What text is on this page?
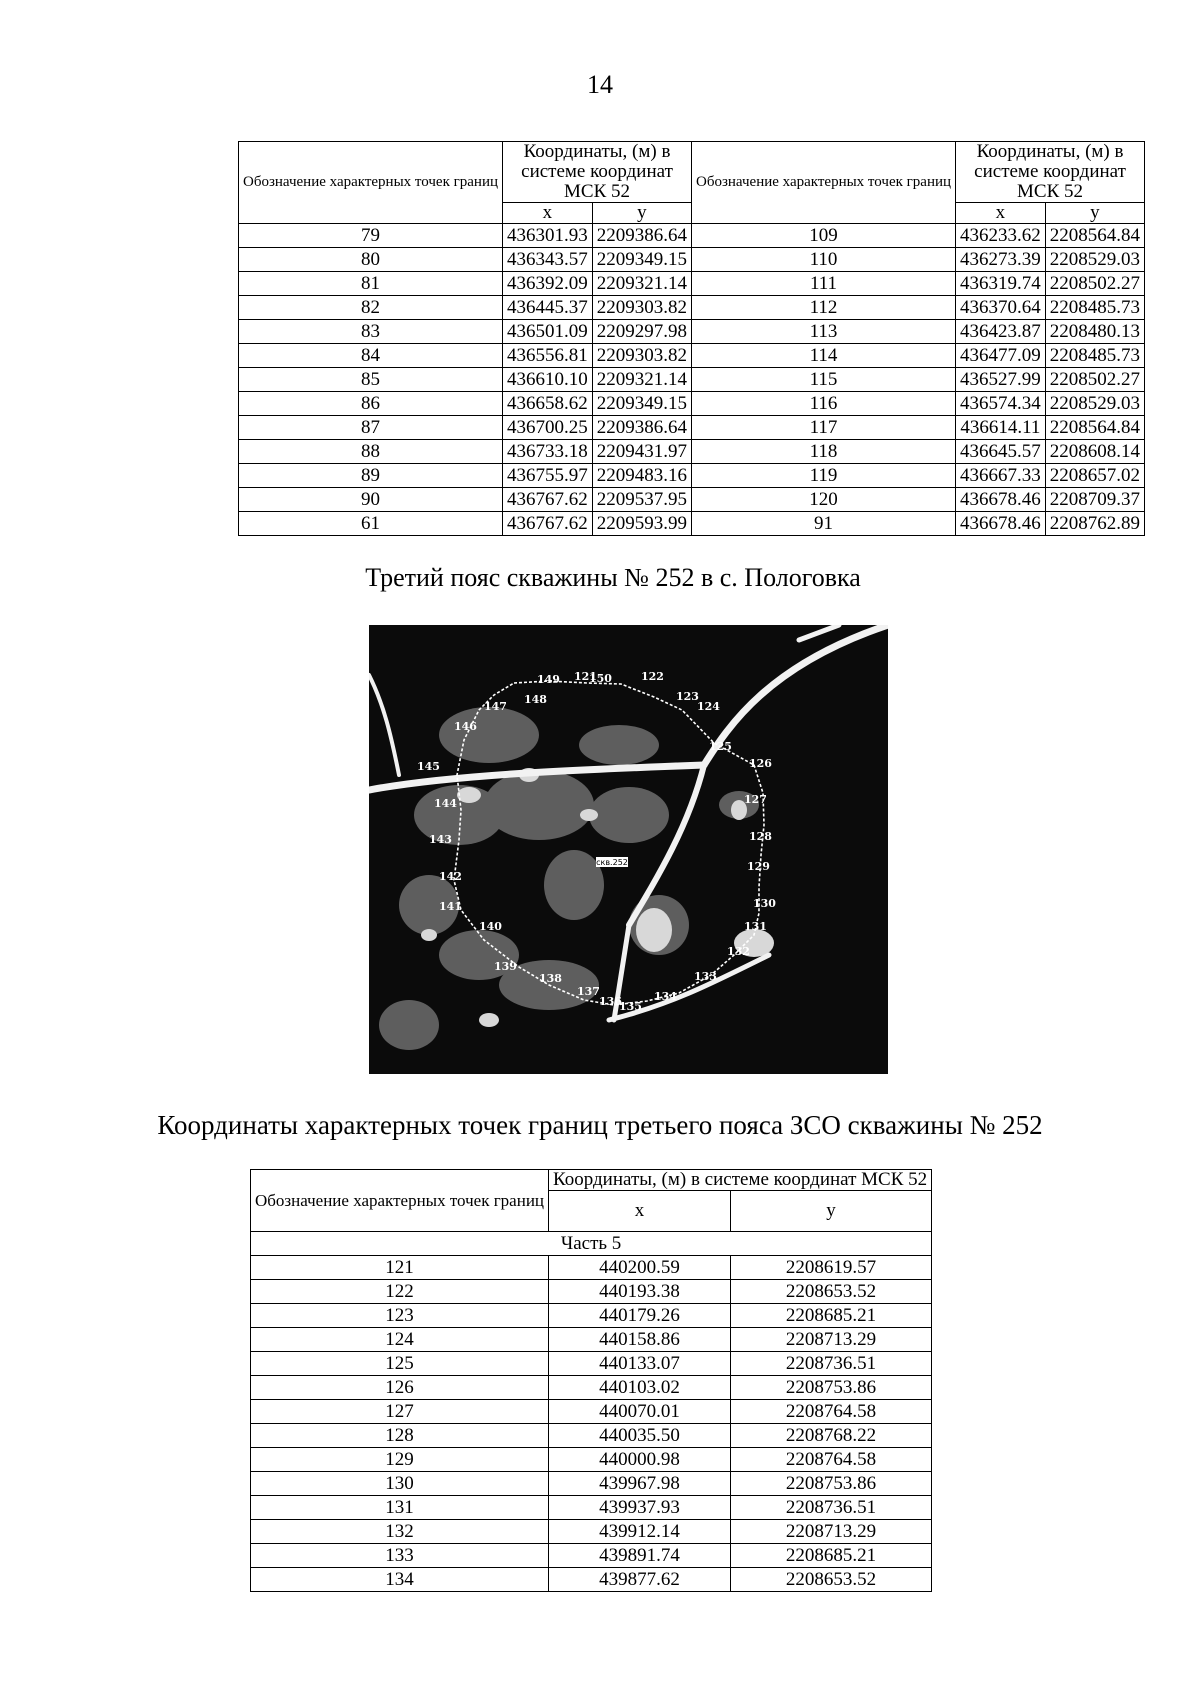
14
Обозначение характерных точек границ	Координаты, (м) в системе координат МСК 52		Обозначение характерных точек границ	Координаты, (м) в системе координат МСК 52	
	x	y		x	y
79	436301.93	2209386.64	109	436233.62	2208564.84
80	436343.57	2209349.15	110	436273.39	2208529.03
81	436392.09	2209321.14	111	436319.74	2208502.27
82	436445.37	2209303.82	112	436370.64	2208485.73
83	436501.09	2209297.98	113	436423.87	2208480.13
84	436556.81	2209303.82	114	436477.09	2208485.73
85	436610.10	2209321.14	115	436527.99	2208502.27
86	436658.62	2209349.15	116	436574.34	2208529.03
87	436700.25	2209386.64	117	436614.11	2208564.84
88	436733.18	2209431.97	118	436645.57	2208608.14
89	436755.97	2209483.16	119	436667.33	2208657.02
90	436767.62	2209537.95	120	436678.46	2208709.37
61	436767.62	2209593.99	91	436678.46	2208762.89
Третий пояс скважины № 252 в с. Пологовка
скв.252
121	122
123
124
125
126
127
128
129
130
131
132
133
134
135
136
137
138
139
140
141
142
143
144
145
146
147
148
149	150
Координаты характерных точек границ третьего пояса ЗСО скважины № 252
Обозначение характерных точек границ	Координаты, (м) в системе координат МСК 52	
	x	y
Часть 5		
121	440200.59	2208619.57
122	440193.38	2208653.52
123	440179.26	2208685.21
124	440158.86	2208713.29
125	440133.07	2208736.51
126	440103.02	2208753.86
127	440070.01	2208764.58
128	440035.50	2208768.22
129	440000.98	2208764.58
130	439967.98	2208753.86
131	439937.93	2208736.51
132	439912.14	2208713.29
133	439891.74	2208685.21
134	439877.62	2208653.52
